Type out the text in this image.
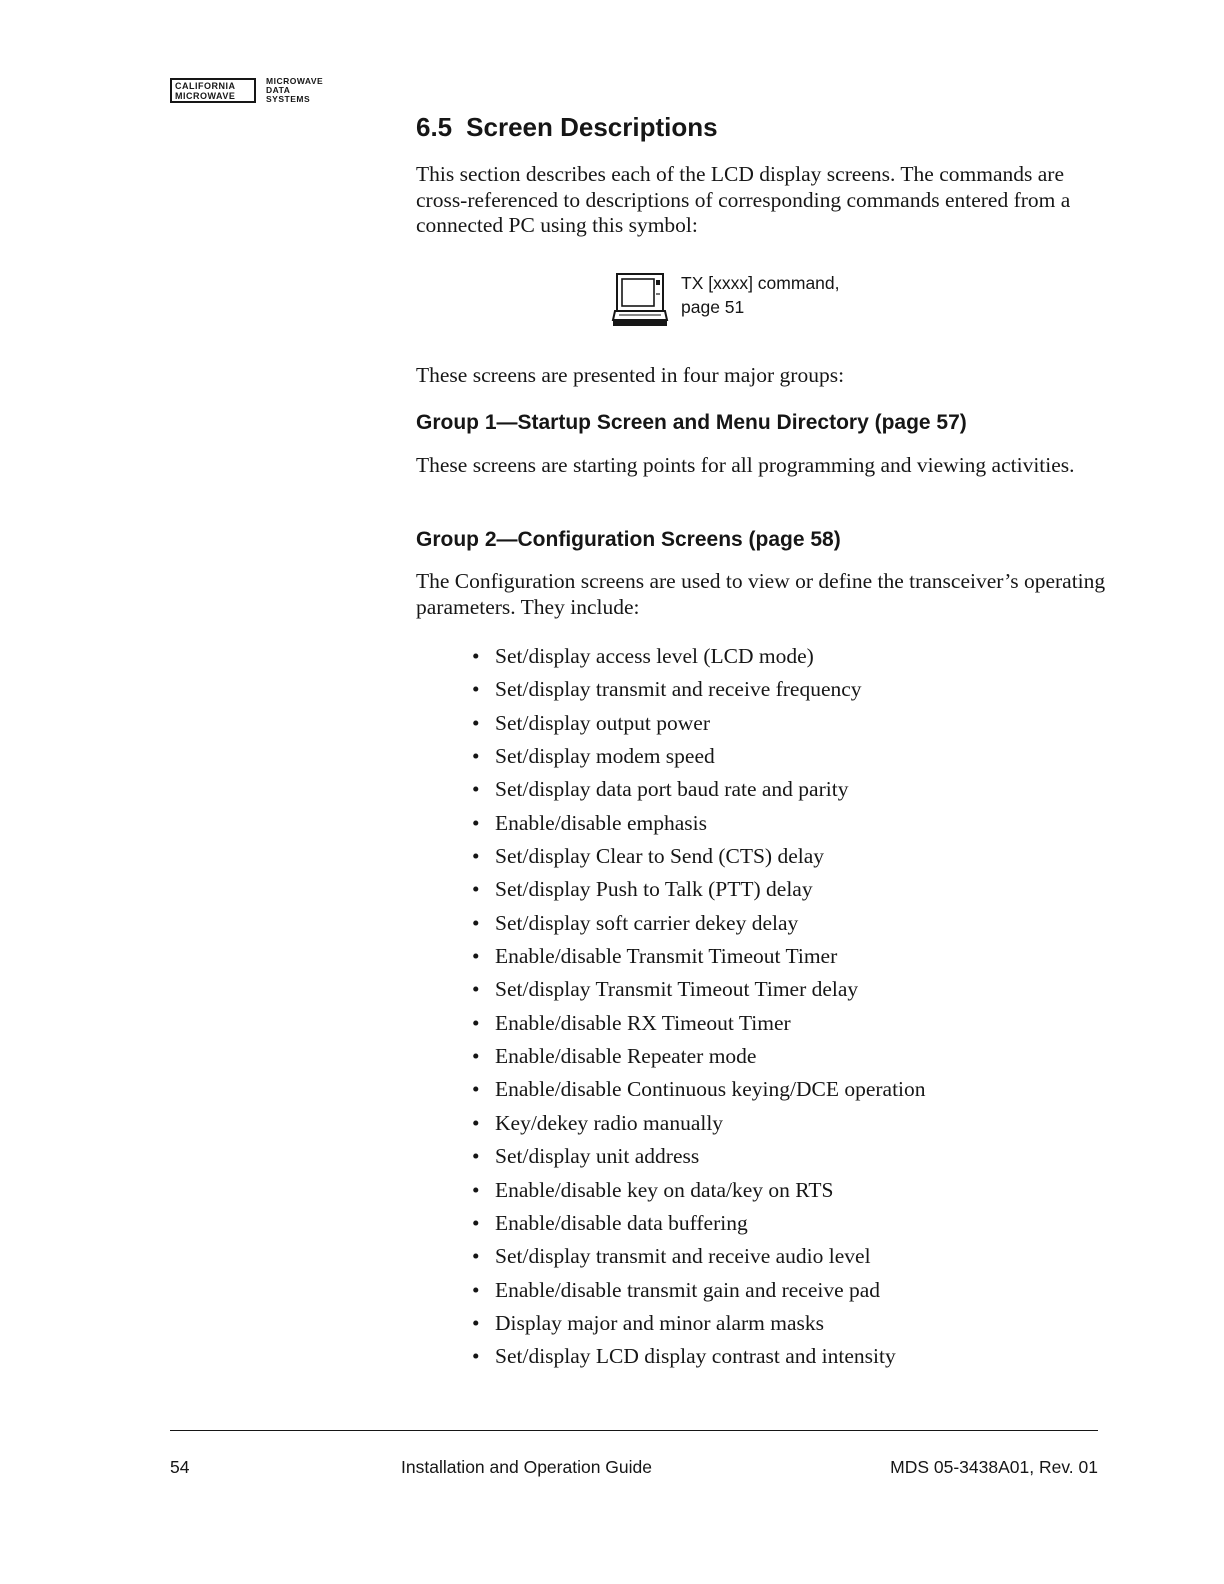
CALIFORNIA
MICROWAVE
MICROWAVE
DATA
SYSTEMS
6.5 Screen Descriptions

This section describes each of the LCD display screens. The commands are cross-referenced to descriptions of corresponding commands entered from a connected PC using this symbol:

TX [xxxx] command,
page 51

These screens are presented in four major groups:

Group 1—Startup Screen and Menu Directory (page 57)

These screens are starting points for all programming and viewing activities.

Group 2—Configuration Screens (page 58)

The Configuration screens are used to view or define the transceiver’s operating parameters. They include:

• Set/display access level (LCD mode)
• Set/display transmit and receive frequency
• Set/display output power
• Set/display modem speed
• Set/display data port baud rate and parity
• Enable/disable emphasis
• Set/display Clear to Send (CTS) delay
• Set/display Push to Talk (PTT) delay
• Set/display soft carrier dekey delay
• Enable/disable Transmit Timeout Timer
• Set/display Transmit Timeout Timer delay
• Enable/disable RX Timeout Timer
• Enable/disable Repeater mode
• Enable/disable Continuous keying/DCE operation
• Key/dekey radio manually
• Set/display unit address
• Enable/disable key on data/key on RTS
• Enable/disable data buffering
• Set/display transmit and receive audio level
• Enable/disable transmit gain and receive pad
• Display major and minor alarm masks
• Set/display LCD display contrast and intensity

54	Installation and Operation Guide	MDS 05-3438A01, Rev. 01
